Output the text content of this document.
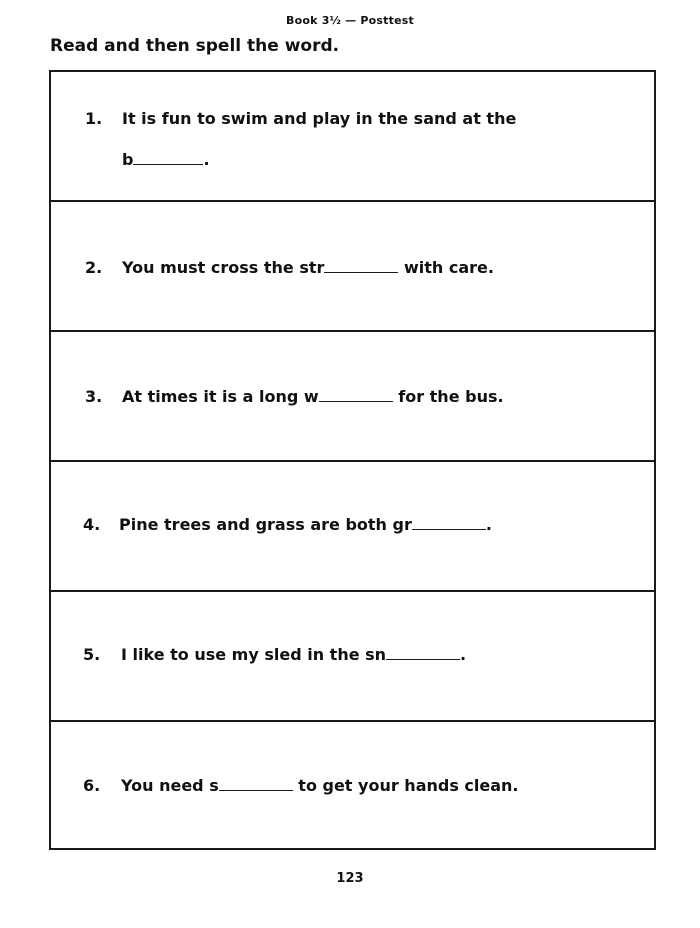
Book 3½ — Posttest
Read and then spell the word.
1. It is fun to swim and play in the sand at the
b	.
2. You must cross the str	with care.
3. At times it is a long w	for the bus.
4. Pine trees and grass are both gr	.
5. I like to use my sled in the sn	.
6. You need s	to get your hands clean.
123
